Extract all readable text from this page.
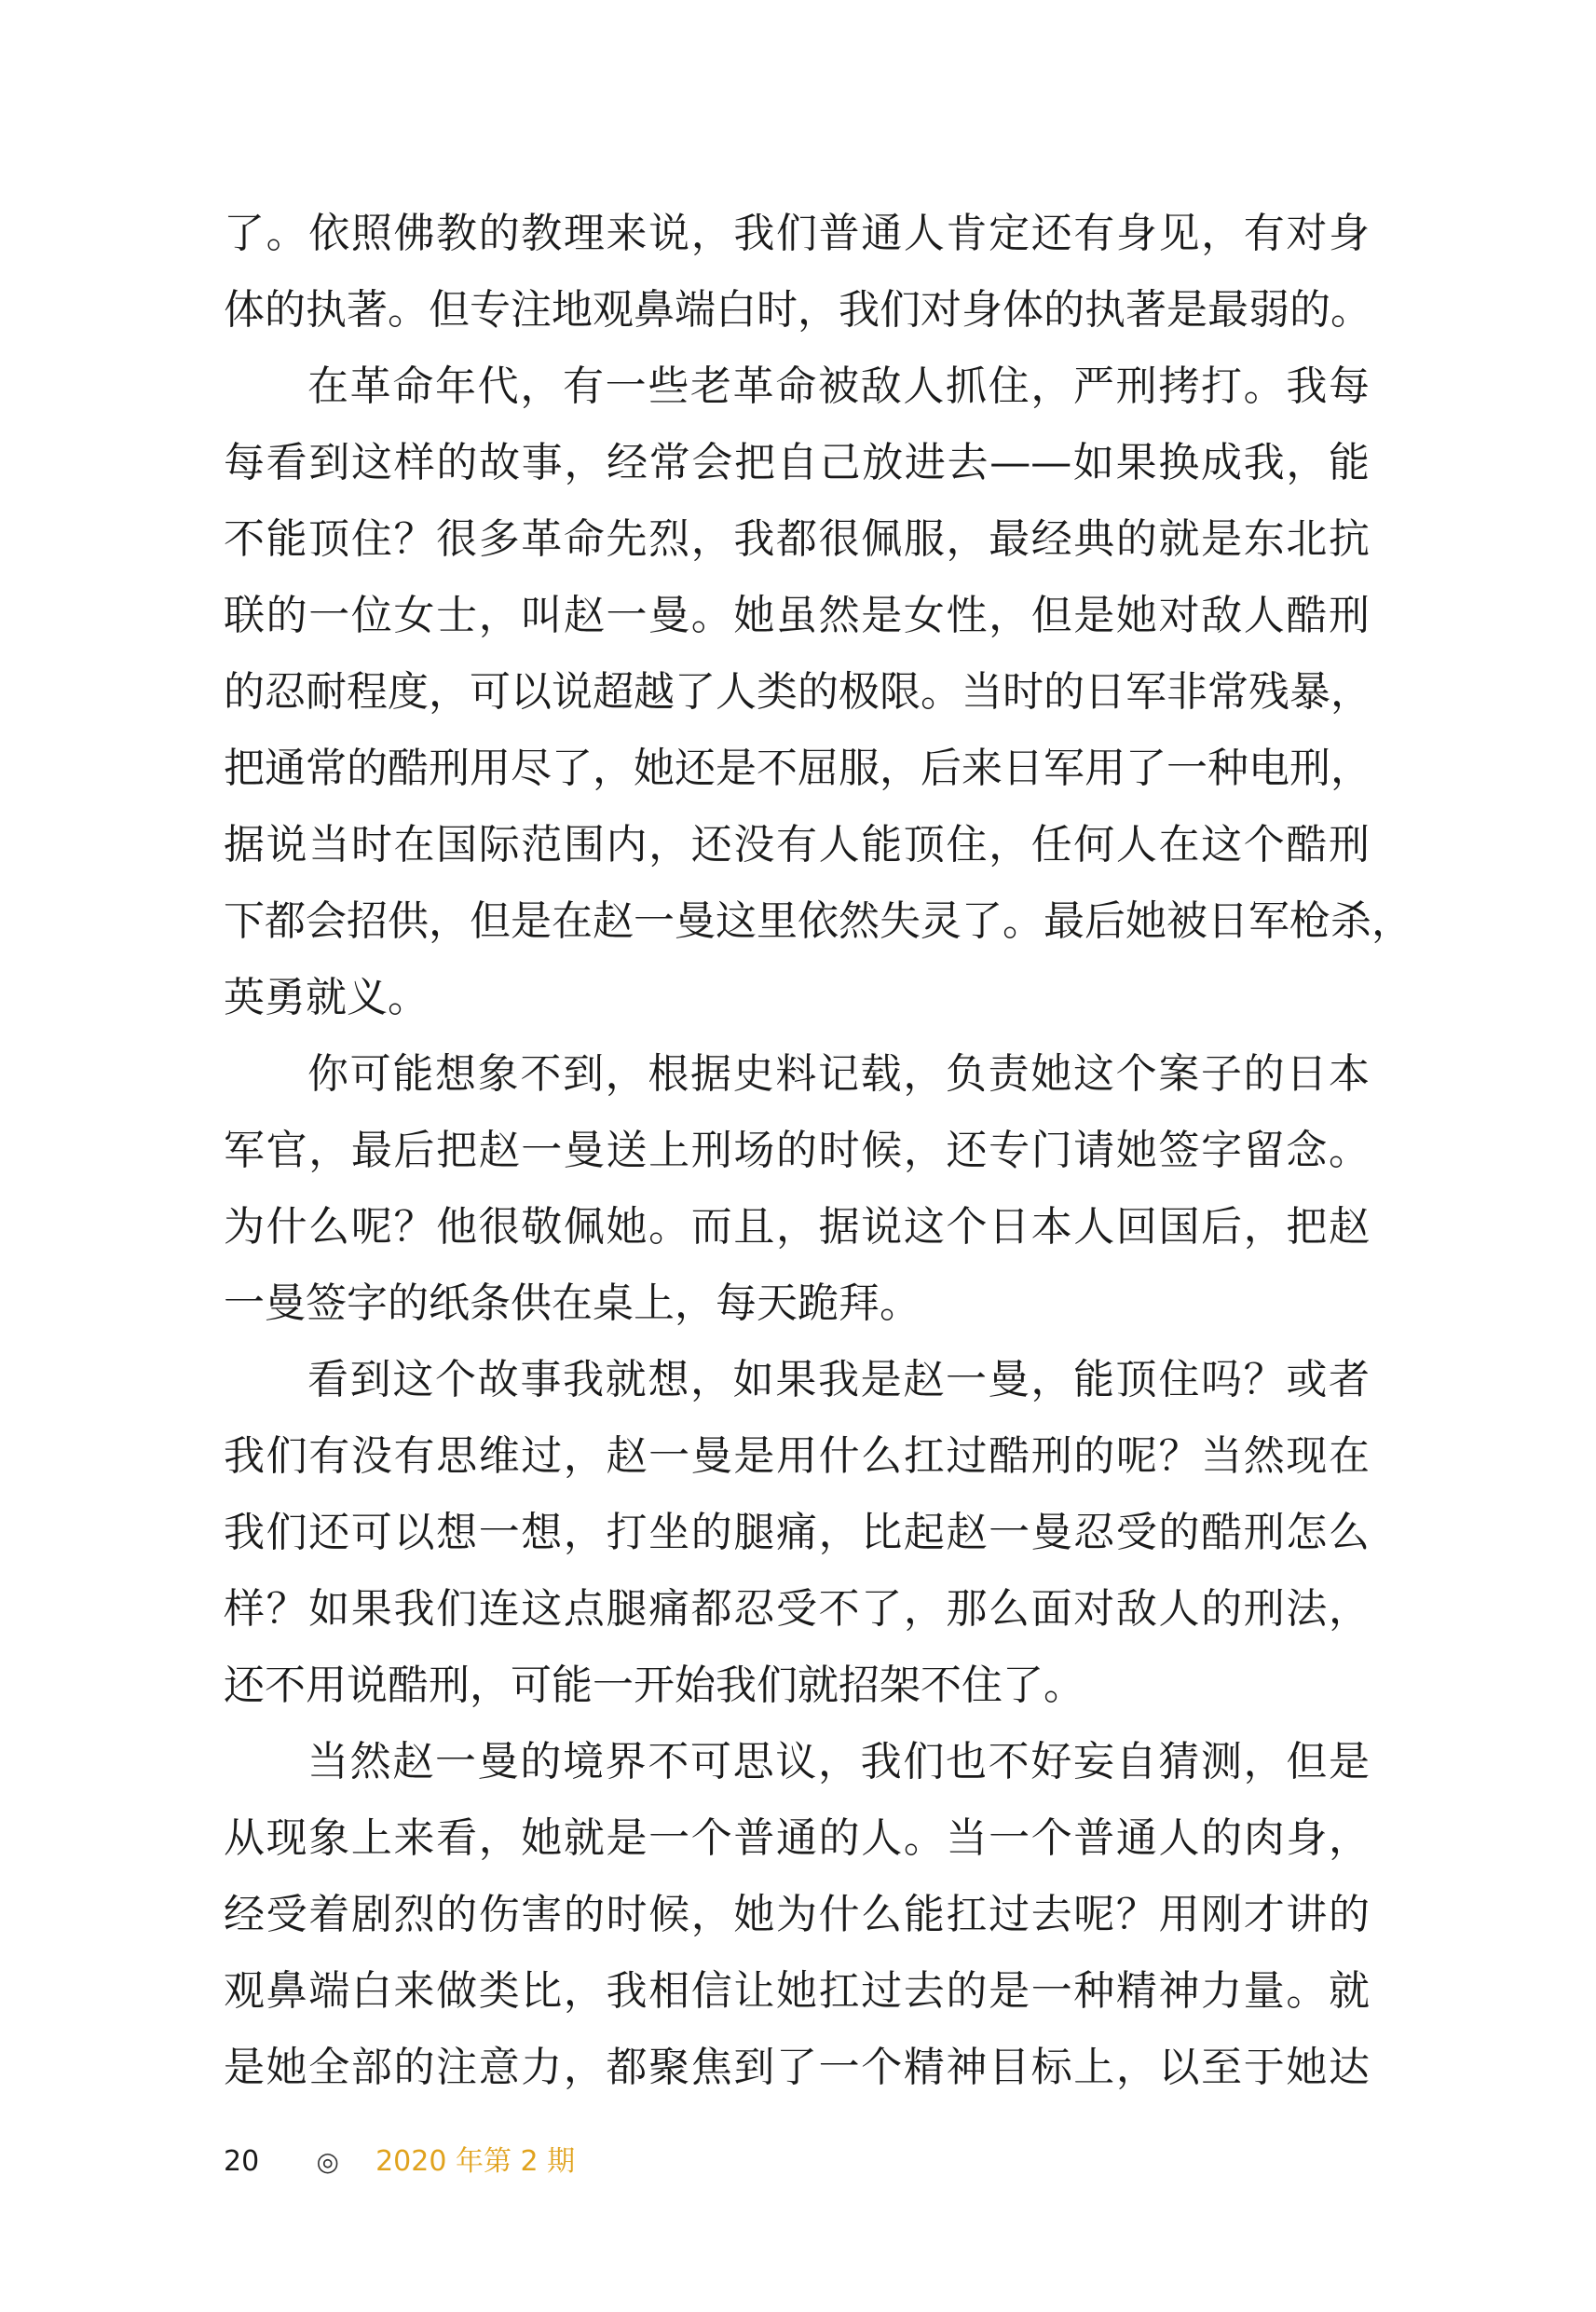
了。依照佛教的教理来说，我们普通人肯定还有身见，有对身
体的执著。但专注地观鼻端白时，我们对身体的执著是最弱的。
在革命年代，有一些老革命被敌人抓住，严刑拷打。我每
每看到这样的故事，经常会把自己放进去——如果换成我，能
不能顶住？很多革命先烈，我都很佩服，最经典的就是东北抗
联的一位女士，叫赵一曼。她虽然是女性，但是她对敌人酷刑
的忍耐程度，可以说超越了人类的极限。当时的日军非常残暴，
把通常的酷刑用尽了，她还是不屈服，后来日军用了一种电刑，
据说当时在国际范围内，还没有人能顶住，任何人在这个酷刑
下都会招供，但是在赵一曼这里依然失灵了。最后她被日军枪杀，
英勇就义。
你可能想象不到，根据史料记载，负责她这个案子的日本
军官，最后把赵一曼送上刑场的时候，还专门请她签字留念。
为什么呢？他很敬佩她。而且，据说这个日本人回国后，把赵
一曼签字的纸条供在桌上，每天跪拜。
看到这个故事我就想，如果我是赵一曼，能顶住吗？或者
我们有没有思维过，赵一曼是用什么扛过酷刑的呢？当然现在
我们还可以想一想，打坐的腿痛，比起赵一曼忍受的酷刑怎么
样？如果我们连这点腿痛都忍受不了，那么面对敌人的刑法，
还不用说酷刑，可能一开始我们就招架不住了。
当然赵一曼的境界不可思议，我们也不好妄自猜测，但是
从现象上来看，她就是一个普通的人。当一个普通人的肉身，
经受着剧烈的伤害的时候，她为什么能扛过去呢？用刚才讲的
观鼻端白来做类比，我相信让她扛过去的是一种精神力量。就
是她全部的注意力，都聚焦到了一个精神目标上，以至于她达
20 ◎ 2020 年第 2 期
